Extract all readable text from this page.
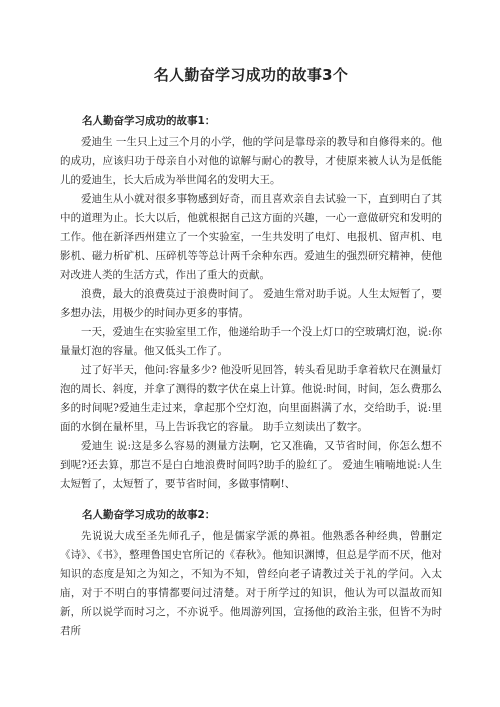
名人勤奋学习成功的故事3个
名人勤奋学习成功的故事1：

爱迪生 一生只上过三个月的小学，他的学问是靠母亲的教导和自修得来的。他的成功，应该归功于母亲自小对他的谅解与耐心的教导，才使原来被人认为是低能儿的爱迪生，长大后成为举世闻名的发明大王。

爱迪生从小就对很多事物感到好奇，而且喜欢亲自去试验一下，直到明白了其中的道理为止。长大以后，他就根据自己这方面的兴趣，一心一意做研究和发明的工作。他在新泽西州建立了一个实验室，一生共发明了电灯、电报机、留声机、电影机、磁力析矿机、压碎机等等总计两千余种东西。爱迪生的强烈研究精神，使他对改进人类的生活方式，作出了重大的贡献。

浪费，最大的浪费莫过于浪费时间了。 爱迪生常对助手说。人生太短暂了，要多想办法，用极少的时间办更多的事情。

一天，爱迪生在实验室里工作，他递给助手一个没上灯口的空玻璃灯泡，说:你量量灯泡的容量。他又低头工作了。

过了好半天，他问:容量多少? 他没听见回答，转头看见助手拿着软尺在测量灯泡的周长、斜度，并拿了测得的数字伏在桌上计算。他说:时间，时间，怎么费那么多的时间呢?爱迪生走过来，拿起那个空灯泡，向里面斟满了水，交给助手，说:里面的水倒在量杯里，马上告诉我它的容量。 助手立刻读出了数字。

爱迪生 说:这是多么容易的测量方法啊，它又准确，又节省时间，你怎么想不到呢?还去算，那岂不是白白地浪费时间吗?助手的脸红了。 爱迪生喃喃地说:人生太短暂了，太短暂了，要节省时间，多做事情啊!、

名人勤奋学习成功的故事2：

先说说大成至圣先师孔子，他是儒家学派的鼻祖。他熟悉各种经典，曾删定《诗》、《书》，整理鲁国史官所记的《春秋》。他知识渊博，但总是学而不厌，他对知识的态度是知之为知之，不知为不知，曾经向老子请教过关于礼的学问。入太庙，对于不明白的事情都要问过清楚。对于所学过的知识，他认为可以温故而知新，所以说学而时习之，不亦说乎。他周游列国，宣扬他的政治主张，但皆不为时君所
